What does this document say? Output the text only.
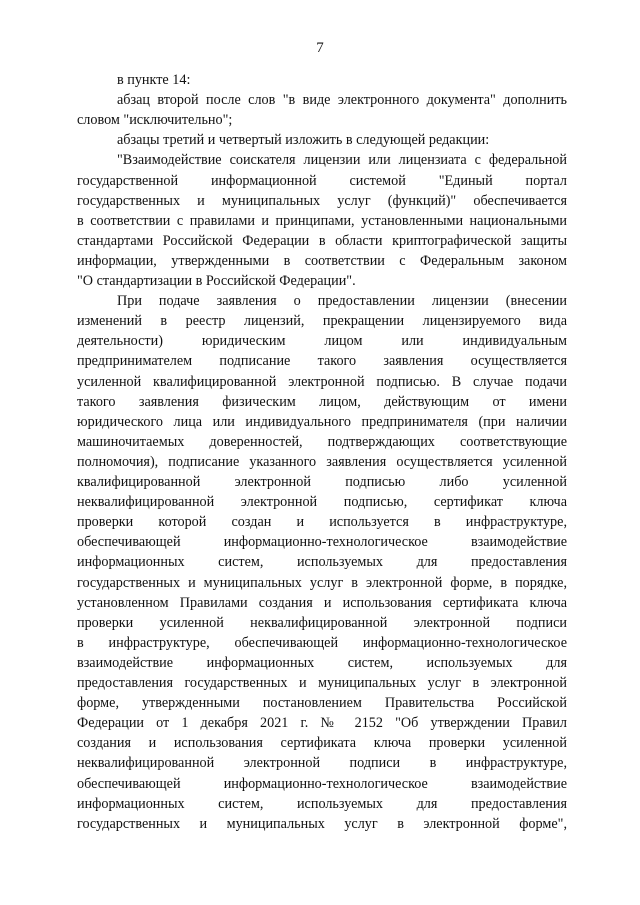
7
в пункте 14:
абзац второй после слов "в виде электронного документа" дополнить
словом "исключительно";
абзацы третий и четвертый изложить в следующей редакции:
"Взаимодействие соискателя лицензии или лицензиата с федеральной
государственной информационной системой "Единый портал
государственных и муниципальных услуг (функций)" обеспечивается
в соответствии с правилами и принципами, установленными национальными
стандартами Российской Федерации в области криптографической защиты
информации, утвержденными в соответствии с Федеральным законом
"О стандартизации в Российской Федерации".
При подаче заявления о предоставлении лицензии (внесении
изменений в реестр лицензий, прекращении лицензируемого вида
деятельности) юридическим лицом или индивидуальным
предпринимателем подписание такого заявления осуществляется
усиленной квалифицированной электронной подписью. В случае подачи
такого заявления физическим лицом, действующим от имени
юридического лица или индивидуального предпринимателя (при наличии
машиночитаемых доверенностей, подтверждающих соответствующие
полномочия), подписание указанного заявления осуществляется усиленной
квалифицированной электронной подписью либо усиленной
неквалифицированной электронной подписью, сертификат ключа
проверки которой создан и используется в инфраструктуре,
обеспечивающей информационно-технологическое взаимодействие
информационных систем, используемых для предоставления
государственных и муниципальных услуг в электронной форме, в порядке,
установленном Правилами создания и использования сертификата ключа
проверки усиленной неквалифицированной электронной подписи
в инфраструктуре, обеспечивающей информационно-технологическое
взаимодействие информационных систем, используемых для
предоставления государственных и муниципальных услуг в электронной
форме, утвержденными постановлением Правительства Российской
Федерации от 1 декабря 2021 г. № 2152 "Об утверждении Правил
создания и использования сертификата ключа проверки усиленной
неквалифицированной электронной подписи в инфраструктуре,
обеспечивающей информационно-технологическое взаимодействие
информационных систем, используемых для предоставления
государственных и муниципальных услуг в электронной форме",
